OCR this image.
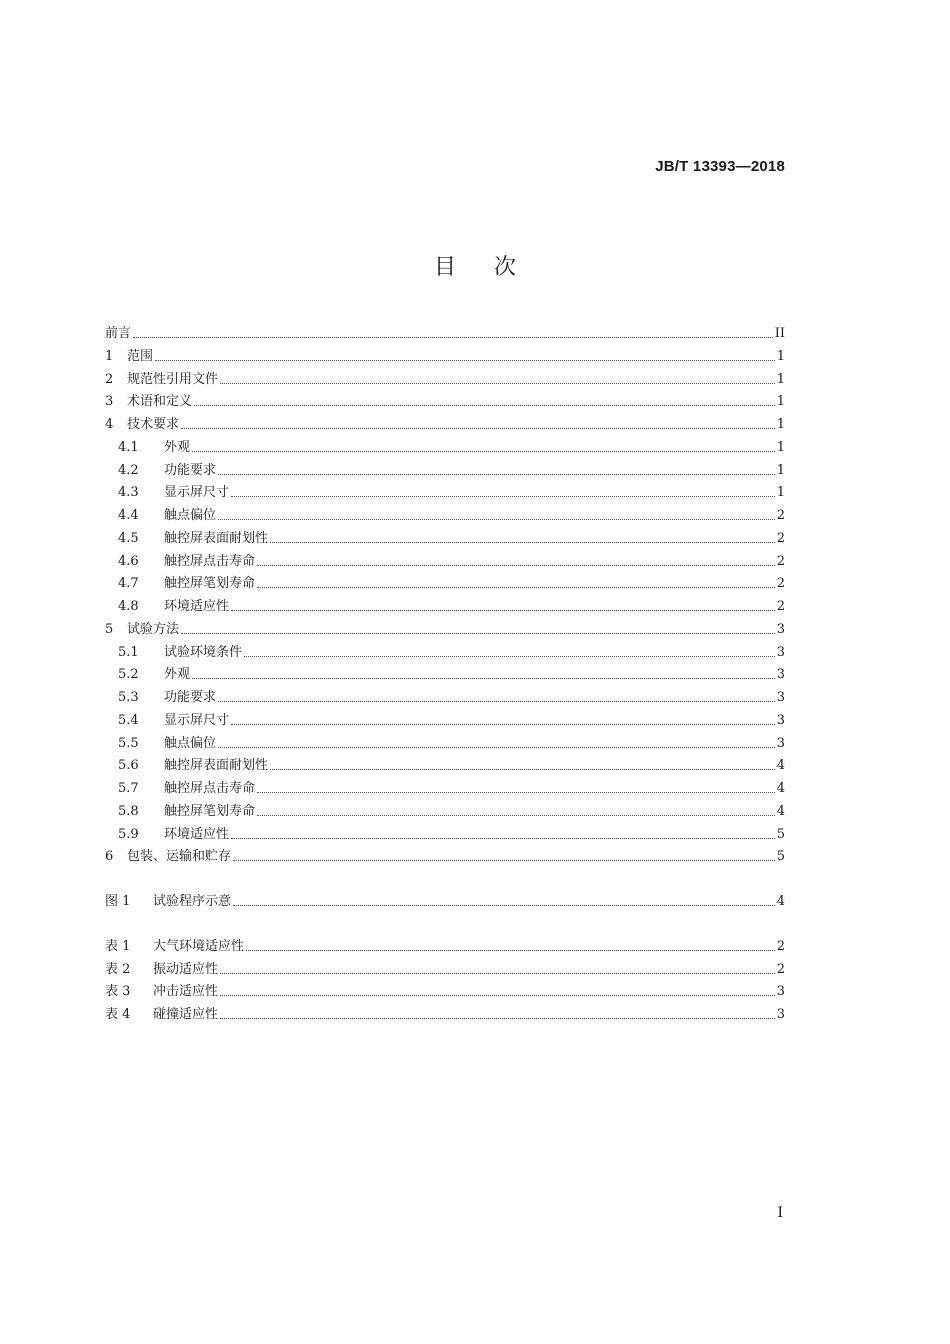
JB/T 13393—2018
目次
前言	II
1	范围	1
2	规范性引用文件	1
3	术语和定义	1
4	技术要求	1
4.1	外观	1
4.2	功能要求	1
4.3	显示屏尺寸	1
4.4	触点偏位	2
4.5	触控屏表面耐划性	2
4.6	触控屏点击寿命	2
4.7	触控屏笔划寿命	2
4.8	环境适应性	2
5	试验方法	3
5.1	试验环境条件	3
5.2	外观	3
5.3	功能要求	3
5.4	显示屏尺寸	3
5.5	触点偏位	3
5.6	触控屏表面耐划性	4
5.7	触控屏点击寿命	4
5.8	触控屏笔划寿命	4
5.9	环境适应性	5
6	包装、运输和贮存	5
图 1	试验程序示意	4
表 1	大气环境适应性	2
表 2	振动适应性	2
表 3	冲击适应性	3
表 4	碰撞适应性	3
I
